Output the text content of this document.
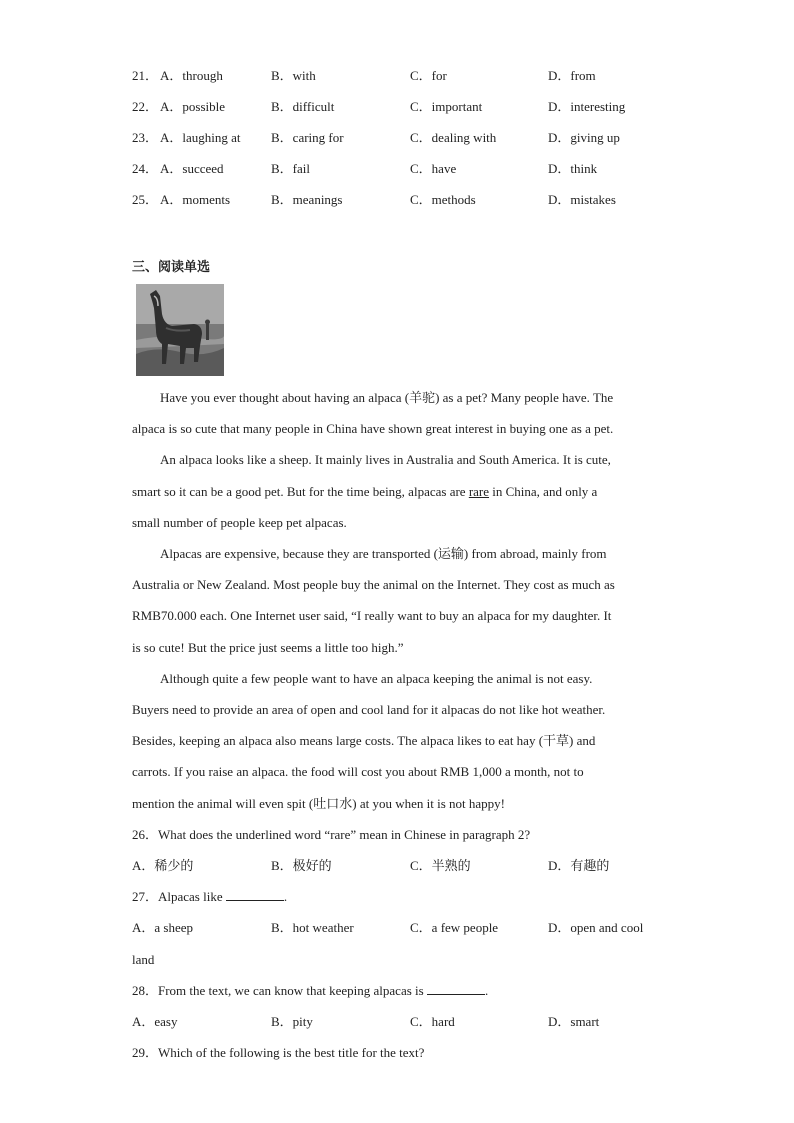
21． A．through	B．with	C．for	D．from
22． A．possible	B．difficult	C．important	D．interesting
23． A．laughing at B．caring for	C．dealing with	D．giving up
24． A．succeed	B．fail	C．have	D．think
25． A．moments	B．meanings	C．methods	D．mistakes
三、阅读单选
Have you ever thought about having an alpaca (羊驼) as a pet? Many people have. The
alpaca is so cute that many people in China have shown great interest in buying one as a pet.
An alpaca looks like a sheep. It mainly lives in Australia and South America. It is cute,
smart so it can be a good pet. But for the time being, alpacas are rare in China, and only a
small number of people keep pet alpacas.
Alpacas are expensive, because they are transported (运输) from abroad, mainly from
Australia or New Zealand. Most people buy the animal on the Internet. They cost as much as
RMB70.000 each. One Internet user said, “I really want to buy an alpaca for my daughter. It
is so cute! But the price just seems a little too high.”
Although quite a few people want to have an alpaca keeping the animal is not easy.
Buyers need to provide an area of open and cool land for it alpacas do not like hot weather.
Besides, keeping an alpaca also means large costs. The alpaca likes to eat hay (干草) and
carrots. If you raise an alpaca. the food will cost you about RMB 1,000 a month, not to
mention the animal will even spit (吐口水) at you when it is not happy!
26．What does the underlined word “rare” mean in Chinese in paragraph 2?
A．稀少的	B．极好的	C．半熟的	D．有趣的
27．Alpacas like	.
A．a sheep	B．hot weather	C．a few people	D．open and cool
land
28．From the text, we can know that keeping alpacas is	.
A．easy	B．pity	C．hard	D．smart
29．Which of the following is the best title for the text?
